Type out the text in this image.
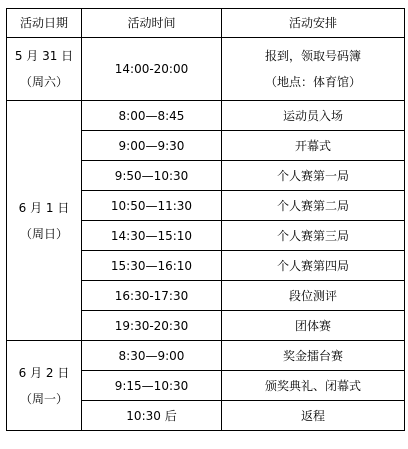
活动日期	活动时间	活动安排

5 月 31 日
（周六）	14:00-20:00	报到，领取号码簿
（地点：体育馆）

6 月 1 日
（周日）	8:00—8:45	运动员入场
	9:00—9:30	开幕式
	9:50—10:30	个人赛第一局
	10:50—11:30	个人赛第二局
	14:30—15:10	个人赛第三局
	15:30—16:10	个人赛第四局
	16:30-17:30	段位测评
	19:30-20:30	团体赛

6 月 2 日
（周一）	8:30—9:00	奖金擂台赛
	9:15—10:30	颁奖典礼、闭幕式
	10:30 后	返程
